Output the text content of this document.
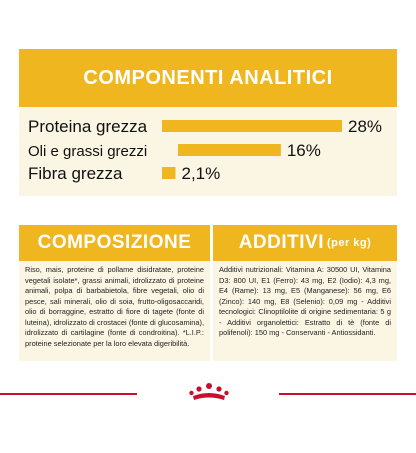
COMPONENTI ANALITICI
Proteina grezza	28%
Oli e grassi grezzi	16%
Fibra grezza	2,1%
COMPOSIZIONE
Riso, mais, proteine di pollame disidratate, proteine vegetali isolate*, grassi animali, idrolizzato di proteine animali, polpa di barbabietola, fibre vegetali, olio di pesce, sali minerali, olio di soia, frutto-oligosaccaridi, olio di borraggine, estratto di fiore di tagete (fonte di luteina), idrolizzato di crostacei (fonte di glucosamina), idrolizzato di cartilagine (fonte di condroitina). *L.I.P.: proteine selezionate per la loro elevata digeribilità.
ADDITIVI (per kg)
Additivi nutrizionali: Vitamina A: 30500 UI, Vitamina D3: 800 UI, E1 (Ferro): 43 mg, E2 (Iodio): 4,3 mg, E4 (Rame): 13 mg, E5 (Manganese): 56 mg, E6 (Zinco): 140 mg, E8 (Selenio): 0,09 mg - Additivi tecnologici: Clinoptilolite di origine sedimentaria: 5 g - Additivi organolettici: Estratto di tè (fonte di polifenoli): 150 mg - Conservanti - Antiossidanti.
